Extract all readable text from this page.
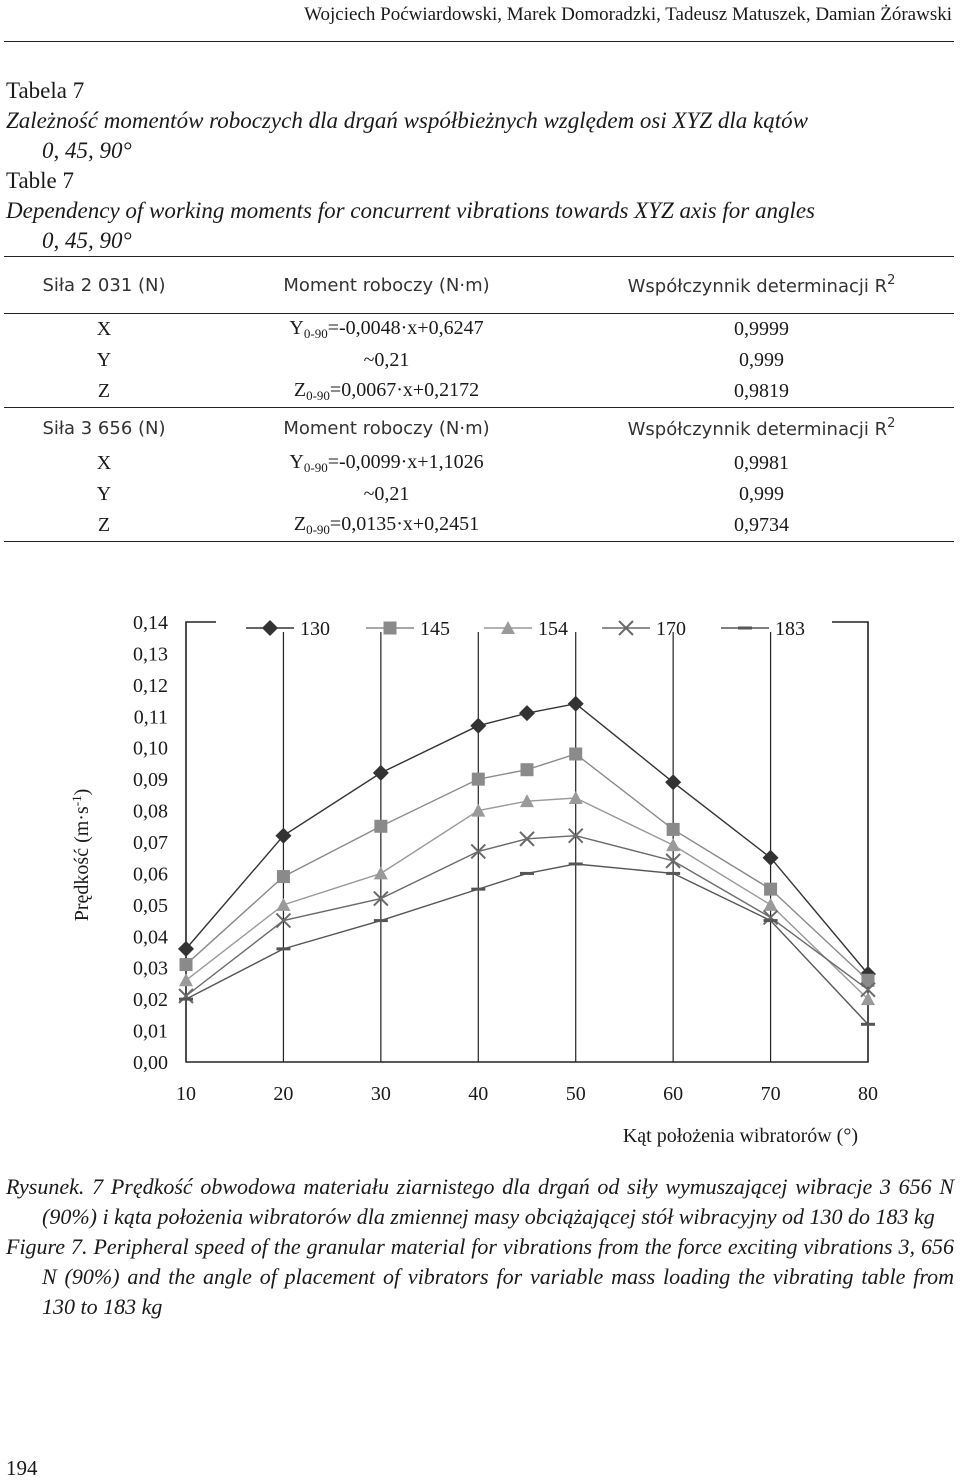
Wojciech Poćwiardowski, Marek Domoradzki, Tadeusz Matuszek, Damian Żórawski
Tabela 7
Zależność momentów roboczych dla drgań współbieżnych względem osi XYZ dla kątów
0, 45, 90°
Table 7
Dependency of working moments for concurrent vibrations towards XYZ axis for angles
0, 45, 90°
Siła 2 031 (N)	Moment roboczy (N·m)	Współczynnik determinacji $R^2$
X	$Y_{0-90}=-0,0048\cdot x+0,6247$	0,9999
Y	~0,21	0,999
Z	$Z_{0-90}=0,0067\cdot x+0,2172$	0,9819
Siła 3 656 (N)	Moment roboczy (N·m)	Współczynnik determinacji $R^2$
X	$Y_{0-90}=-0,0099\cdot x+1,1026$	0,9981
Y	~0,21	0,999
Z	$Z_{0-90}=0,0135\cdot x+0,2451$	0,9734
0,00
0,01
0,02
0,03
0,04
0,05
0,06
0,07
0,08
0,09
0,10
0,11
0,12
0,13
0,14
10	20	30	40	50	60	70	80
Kąt położenia wibratorów (°)
Prędkość $(m\cdot s^{-1})$
130	145	154	170	183

Rysunek. 7 Prędkość obwodowa materiału ziarnistego dla drgań od siły wymuszającej wibracje 3 656 N (90%) i kąta położenia wibratorów dla zmiennej masy obciążającej stół wibracyjny od 130 do 183 kg

Figure 7. Peripheral speed of the granular material for vibrations from the force exciting vibrations 3, 656 N (90%) and the angle of placement of vibrators for variable mass loading the vibrating table from 130 to 183 kg

194
